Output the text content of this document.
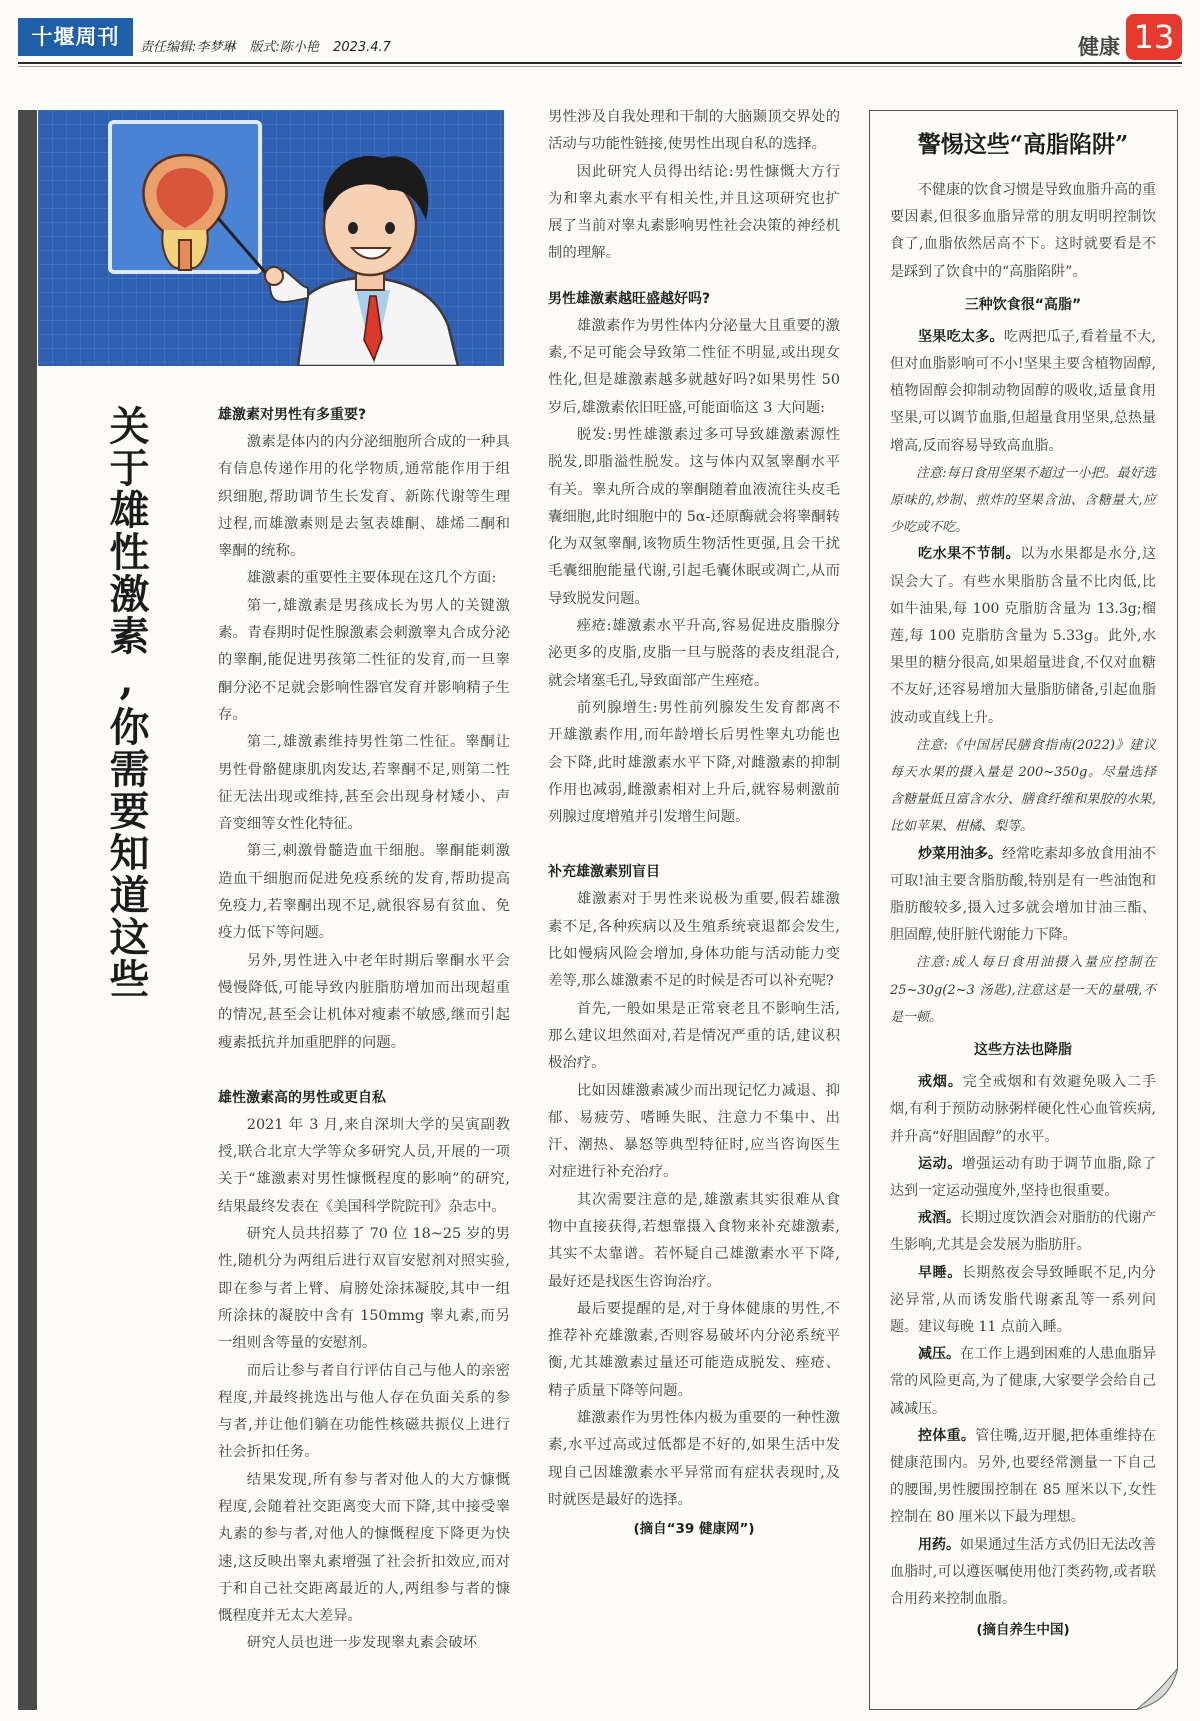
十堰周刊	责任编辑:李梦琳 版式:陈小艳 2023.4.7	健康 13
关于雄性激素,你需要知道这些	雄激素对男性有多重要?

激素是体内的内分泌细胞所合成的一种具有信息传递作用的化学物质,通常能作用于组织细胞,帮助调节生长发育、新陈代谢等生理过程,而雄激素则是去氢表雄酮、雄烯二酮和睾酮的统称。

雄激素的重要性主要体现在这几个方面:

第一,雄激素是男孩成长为男人的关键激素。青春期时促性腺激素会刺激睾丸合成分泌的睾酮,能促进男孩第二性征的发育,而一旦睾酮分泌不足就会影响性器官发育并影响精子生存。

第二,雄激素维持男性第二性征。睾酮让男性骨骼健康肌肉发达,若睾酮不足,则第二性征无法出现或维持,甚至会出现身材矮小、声音变细等女性化特征。

第三,刺激骨髓造血干细胞。睾酮能刺激造血干细胞而促进免疫系统的发育,帮助提高免疫力,若睾酮出现不足,就很容易有贫血、免疫力低下等问题。

另外,男性进入中老年时期后睾酮水平会慢慢降低,可能导致内脏脂肪增加而出现超重的情况,甚至会让机体对瘦素不敏感,继而引起瘦素抵抗并加重肥胖的问题。

雄性激素高的男性或更自私

2021 年 3 月,来自深圳大学的吴寅副教授,联合北京大学等众多研究人员,开展的一项关于“雄激素对男性慷慨程度的影响”的研究,结果最终发表在《美国科学院院刊》杂志中。

研究人员共招募了 70 位 18~25 岁的男性,随机分为两组后进行双盲安慰剂对照实验,即在参与者上臂、肩膀处涂抹凝胶,其中一组所涂抹的凝胶中含有 150mmg 睾丸素,而另一组则含等量的安慰剂。

而后让参与者自行评估自己与他人的亲密程度,并最终挑选出与他人存在负面关系的参与者,并让他们躺在功能性核磁共振仪上进行社会折扣任务。

结果发现,所有参与者对他人的大方慷慨程度,会随着社交距离变大而下降,其中接受睾丸素的参与者,对他人的慷慨程度下降更为快速,这反映出睾丸素增强了社会折扣效应,而对于和自己社交距离最近的人,两组参与者的慷慨程度并无太大差异。

研究人员也进一步发现睾丸素会破坏

男性涉及自我处理和干制的大脑颞顶交界处的活动与功能性链接,使男性出现自私的选择。

因此研究人员得出结论:男性慷慨大方行为和睾丸素水平有相关性,并且这项研究也扩展了当前对睾丸素影响男性社会决策的神经机制的理解。

男性雄激素越旺盛越好吗?

雄激素作为男性体内分泌量大且重要的激素,不足可能会导致第二性征不明显,或出现女性化,但是雄激素越多就越好吗?如果男性 50 岁后,雄激素依旧旺盛,可能面临这 3 大问题:

脱发:男性雄激素过多可导致雄激素源性脱发,即脂溢性脱发。这与体内双氢睾酮水平有关。睾丸所合成的睾酮随着血液流往头皮毛囊细胞,此时细胞中的 5α-还原酶就会将睾酮转化为双氢睾酮,该物质生物活性更强,且会干扰毛囊细胞能量代谢,引起毛囊休眠或凋亡,从而导致脱发问题。

痤疮:雄激素水平升高,容易促进皮脂腺分泌更多的皮脂,皮脂一旦与脱落的表皮组混合,就会堵塞毛孔,导致面部产生痤疮。

前列腺增生:男性前列腺发生发育都离不开雄激素作用,而年龄增长后男性睾丸功能也会下降,此时雄激素水平下降,对雌激素的抑制作用也减弱,雌激素相对上升后,就容易刺激前列腺过度增殖并引发增生问题。

补充雄激素别盲目

雄激素对于男性来说极为重要,假若雄激素不足,各种疾病以及生殖系统衰退都会发生,比如慢病风险会增加,身体功能与活动能力变差等,那么雄激素不足的时候是否可以补充呢?

首先,一般如果是正常衰老且不影响生活,那么建议坦然面对,若是情况严重的话,建议积极治疗。

比如因雄激素减少而出现记忆力减退、抑郁、易疲劳、嗜睡失眠、注意力不集中、出汗、潮热、暴怒等典型特征时,应当咨询医生对症进行补充治疗。

其次需要注意的是,雄激素其实很难从食物中直接获得,若想靠摄入食物来补充雄激素,其实不太靠谱。若怀疑自己雄激素水平下降,最好还是找医生咨询治疗。

最后要提醒的是,对于身体健康的男性,不推荐补充雄激素,否则容易破坏内分泌系统平衡,尤其雄激素过量还可能造成脱发、痤疮、精子质量下降等问题。

雄激素作为男性体内极为重要的一种性激素,水平过高或过低都是不好的,如果生活中发现自己因雄激素水平异常而有症状表现时,及时就医是最好的选择。

(摘自“39 健康网”)

警惕这些“高脂陷阱”

不健康的饮食习惯是导致血脂升高的重要因素,但很多血脂异常的朋友明明控制饮食了,血脂依然居高不下。这时就要看是不是踩到了饮食中的“高脂陷阱”。

三种饮食很“高脂”

坚果吃太多。吃两把瓜子,看着量不大,但对血脂影响可不小!坚果主要含植物固醇,植物固醇会抑制动物固醇的吸收,适量食用坚果,可以调节血脂,但超量食用坚果,总热量增高,反而容易导致高血脂。

注意:每日食用坚果不超过一小把。最好选原味的,炒制、煎炸的坚果含油、含糖量大,应少吃或不吃。

吃水果不节制。以为水果都是水分,这误会大了。有些水果脂肪含量不比肉低,比如牛油果,每 100 克脂肪含量为 13.3g;榴莲,每 100 克脂肪含量为 5.33g。此外,水果里的糖分很高,如果超量进食,不仅对血糖不友好,还容易增加大量脂肪储备,引起血脂波动或直线上升。

注意:《中国居民膳食指南(2022)》建议每天水果的摄入量是 200~350g。尽量选择含糖量低且富含水分、膳食纤维和果胶的水果,比如苹果、柑橘、梨等。

炒菜用油多。经常吃素却多放食用油不可取!油主要含脂肪酸,特别是有一些油饱和脂肪酸较多,摄入过多就会增加甘油三酯、胆固醇,使肝脏代谢能力下降。

注意:成人每日食用油摄入量应控制在 25~30g(2~3 汤匙),注意这是一天的量哦,不是一顿。

这些方法也降脂

戒烟。完全戒烟和有效避免吸入二手烟,有利于预防动脉粥样硬化性心血管疾病,并升高“好胆固醇”的水平。

运动。增强运动有助于调节血脂,除了达到一定运动强度外,坚持也很重要。

戒酒。长期过度饮酒会对脂肪的代谢产生影响,尤其是会发展为脂肪肝。

早睡。长期熬夜会导致睡眠不足,内分泌异常,从而诱发脂代谢紊乱等一系列问题。建议每晚 11 点前入睡。

减压。在工作上遇到困难的人患血脂异常的风险更高,为了健康,大家要学会给自己减减压。

控体重。管住嘴,迈开腿,把体重维持在健康范围内。另外,也要经常测量一下自己的腰围,男性腰围控制在 85 厘米以下,女性控制在 80 厘米以下最为理想。

用药。如果通过生活方式仍旧无法改善血脂时,可以遵医嘱使用他汀类药物,或者联合用药来控制血脂。

(摘自养生中国)
